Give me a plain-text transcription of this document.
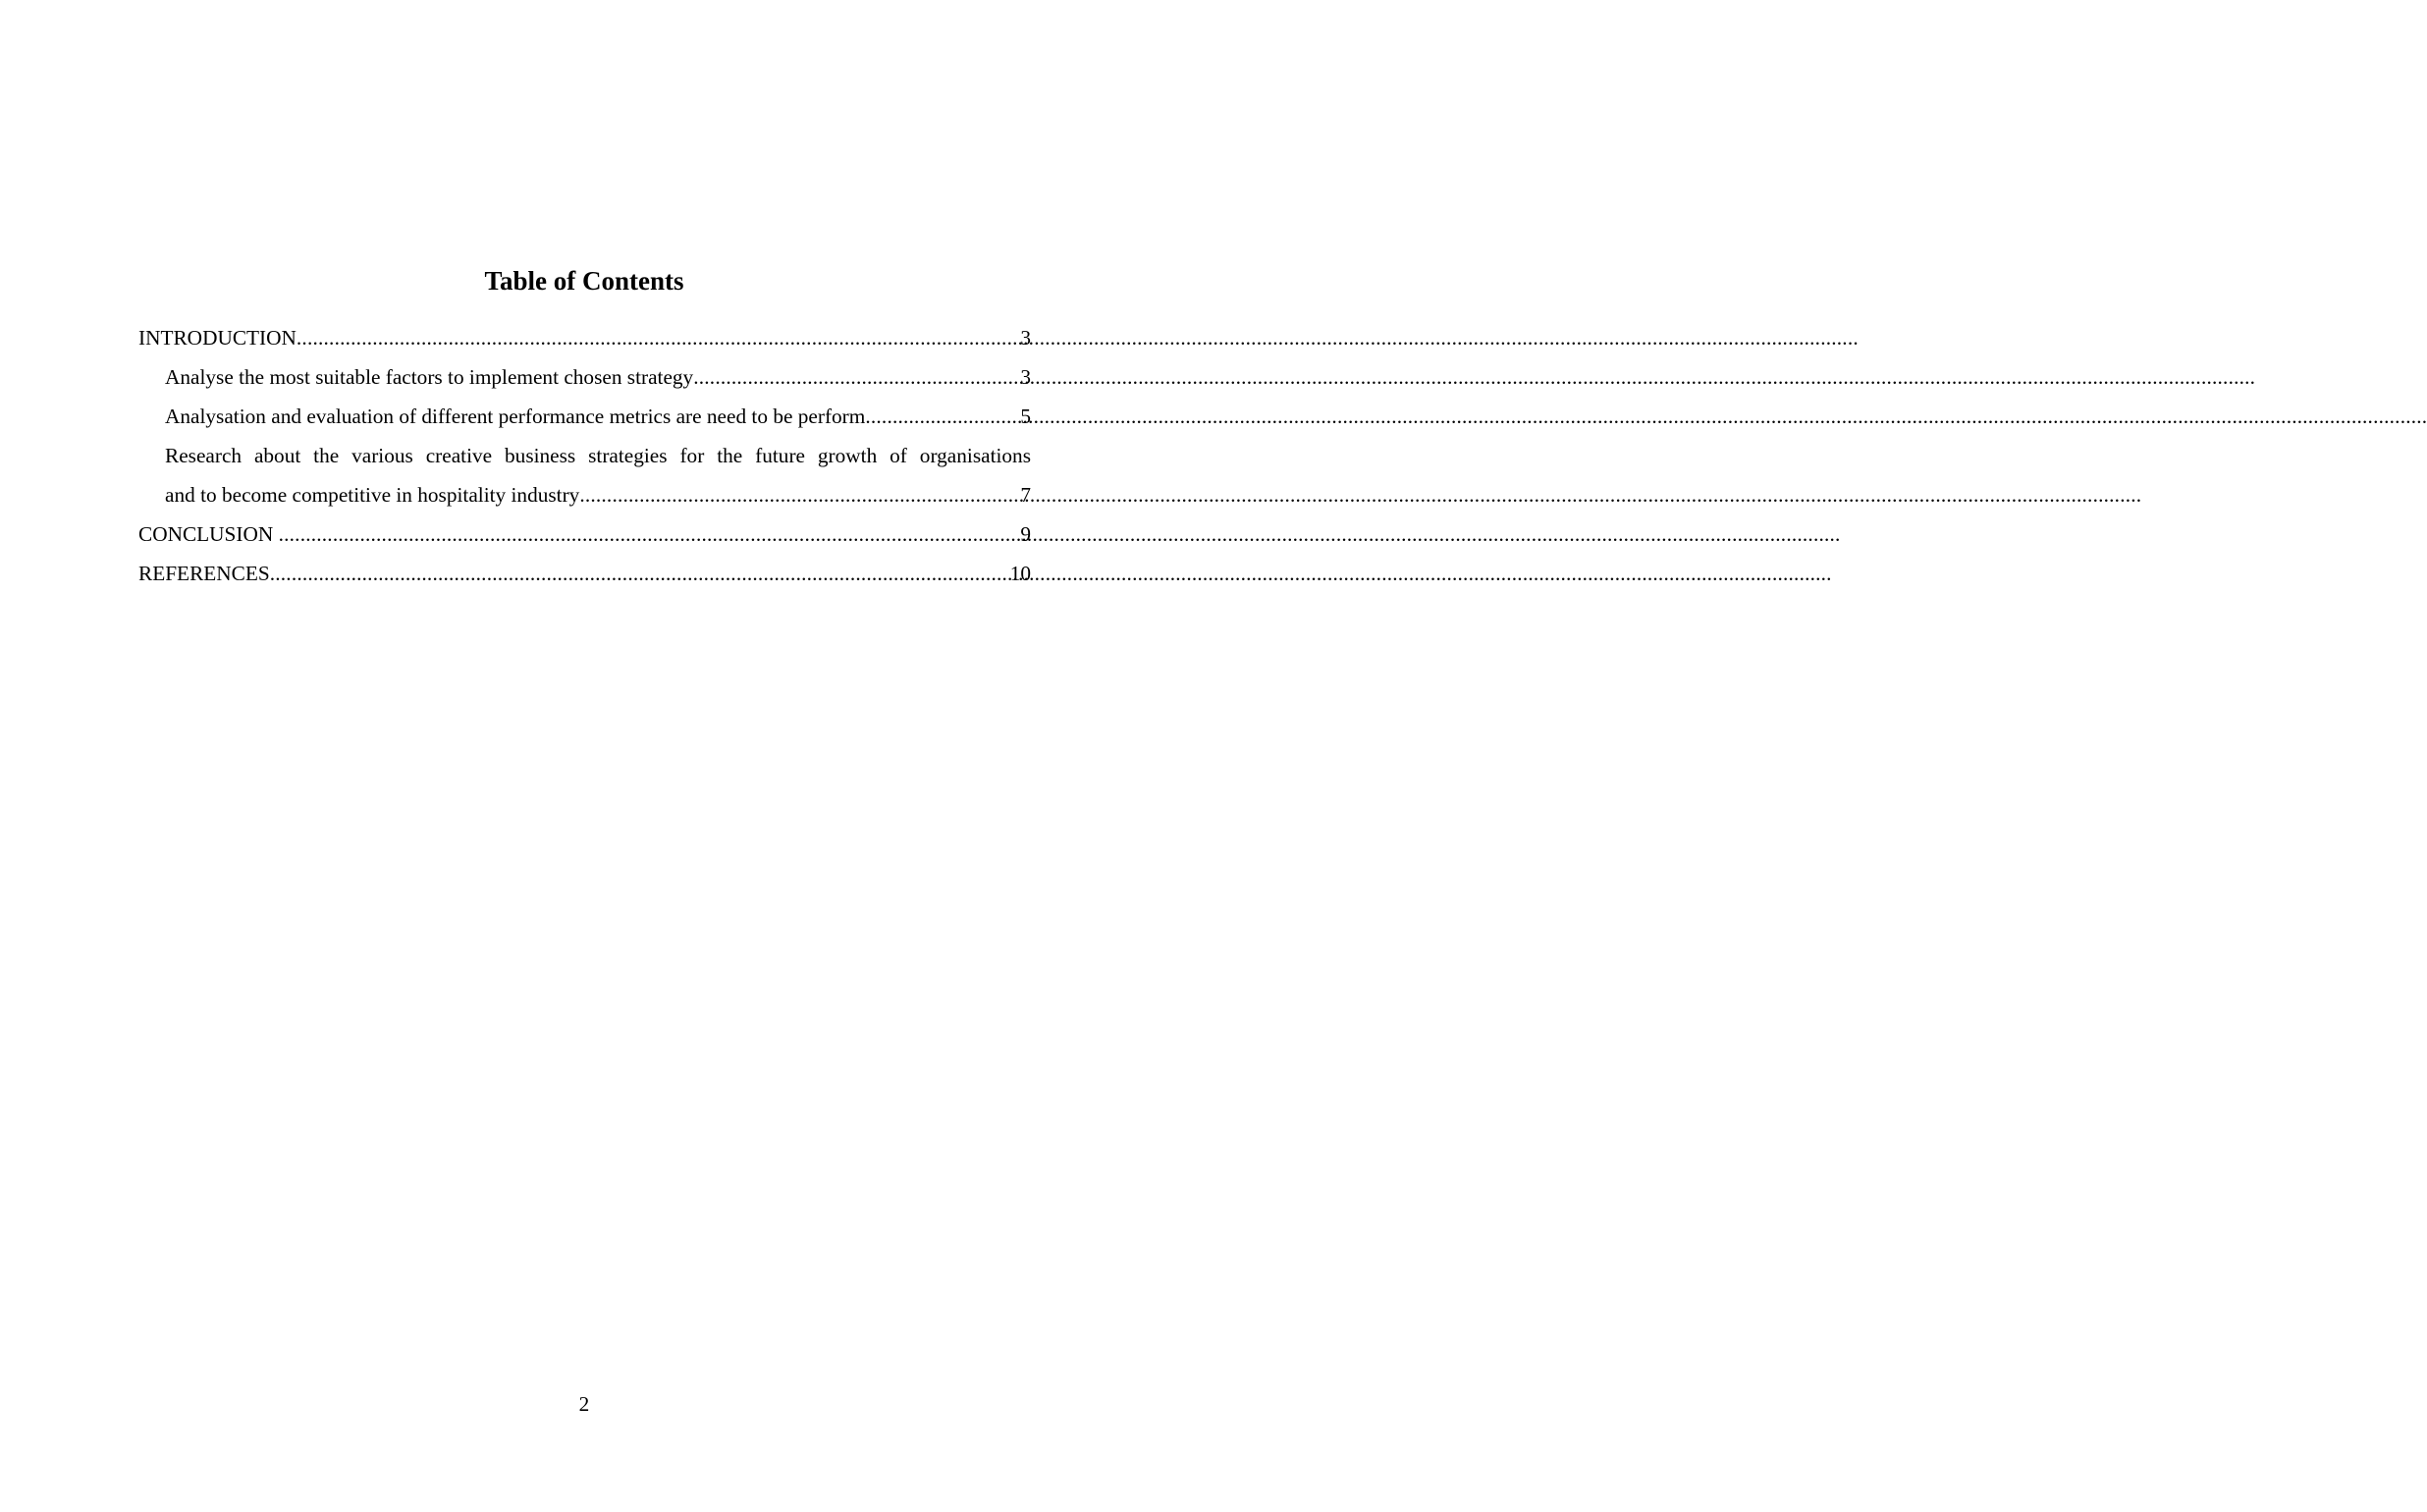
Table of Contents
INTRODUCTION .....	3
Analyse the most suitable factors to implement chosen strategy .....	3
Analysation and evaluation of different performance metrics are need to be perform .....	5
Research about the various creative business strategies for the future growth of organisations
and to become competitive in hospitality industry .....	7
CONCLUSION .....	9
REFERENCES .....	10
2
